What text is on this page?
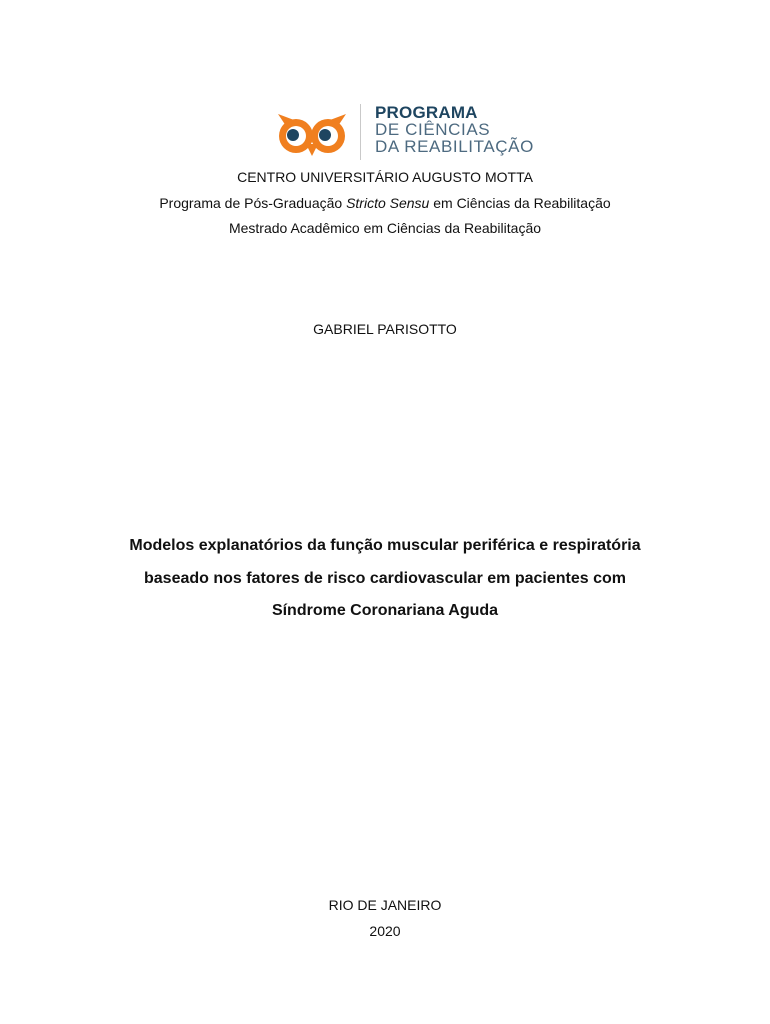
PROGRAMA
DE CIÊNCIAS
DA REABILITAÇÃO
CENTRO UNIVERSITÁRIO AUGUSTO MOTTA
Programa de Pós-Graduação Stricto Sensu em Ciências da Reabilitação
Mestrado Acadêmico em Ciências da Reabilitação
GABRIEL PARISOTTO
Modelos explanatórios da função muscular periférica e respiratória
baseado nos fatores de risco cardiovascular em pacientes com
Síndrome Coronariana Aguda
RIO DE JANEIRO
2020
